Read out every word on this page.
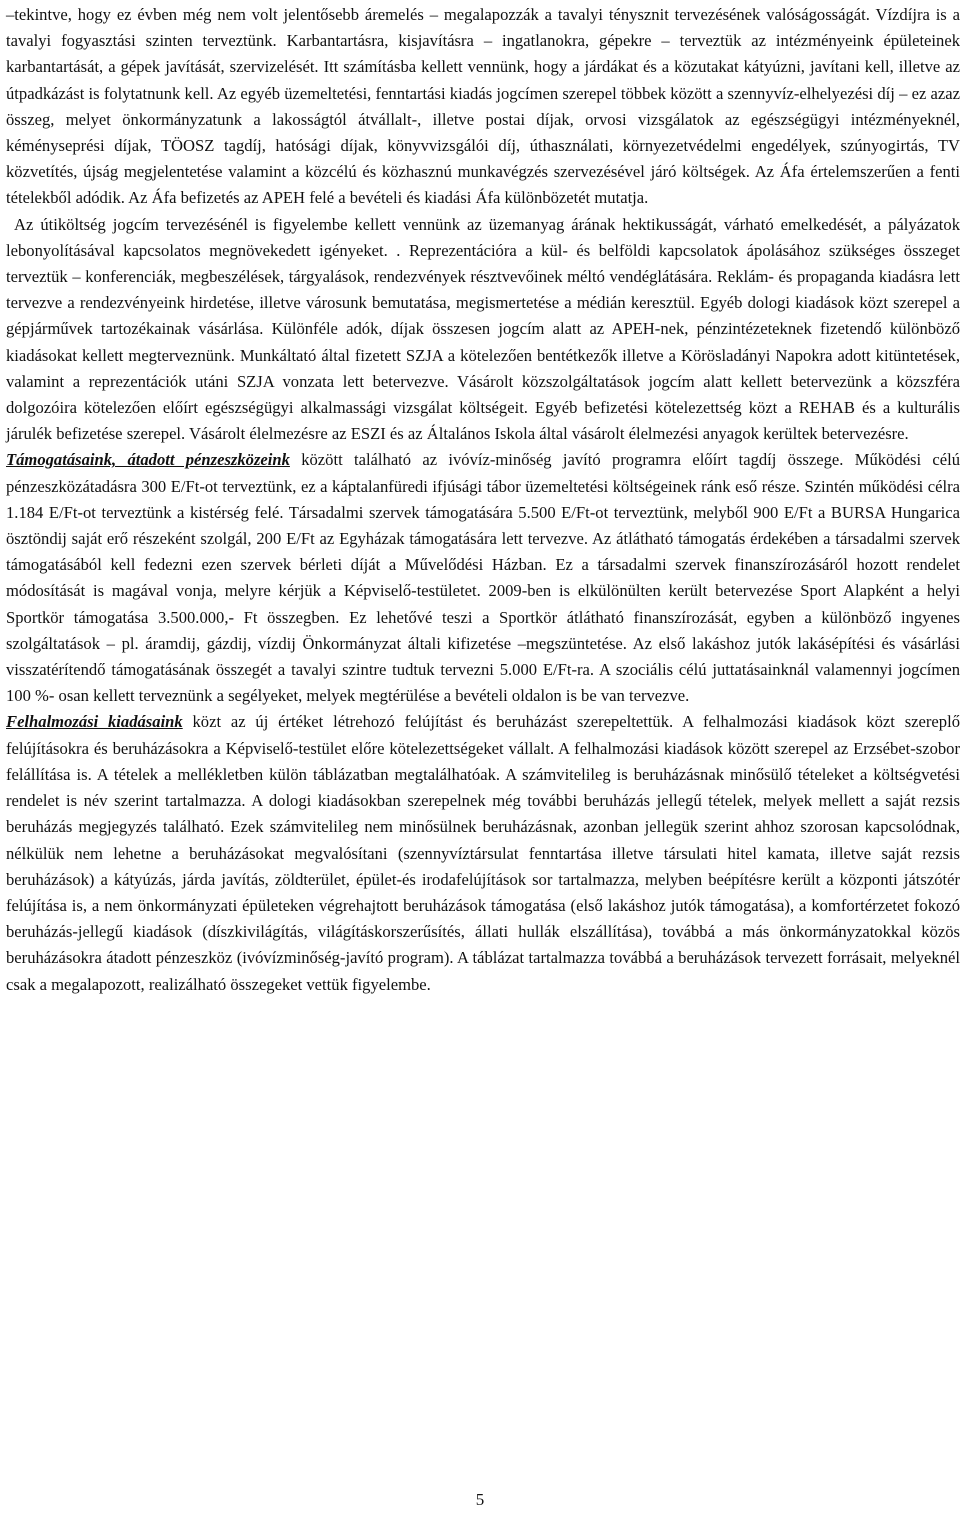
–tekintve, hogy ez évben még nem volt jelentősebb áremelés – megalapozzák a tavalyi ténysznit tervezésének valóságosságát. Vízdíjra is a tavalyi fogyasztási szinten terveztünk. Karbantartásra, kisjavításra – ingatlanokra, gépekre – terveztük az intézményeink épületeinek karbantartását, a gépek javítását, szervizelését. Itt számításba kellett vennünk, hogy a járdákat és a közutakat kátyúzni, javítani kell, illetve az útpadkázást is folytatnunk kell. Az egyéb üzemeltetési, fenntartási kiadás jogcímen szerepel többek között a szennyvíz-elhelyezési díj – ez azaz összeg, melyet önkormányzatunk a lakosságtól átvállalt-, illetve postai díjak, orvosi vizsgálatok az egészségügyi intézményeknél, kéményseprési díjak, TÖOSZ tagdíj, hatósági díjak, könyvvizsgálói díj, úthasználati, környezetvédelmi engedélyek, szúnyogirtás, TV közvetítés, újság megjelentetése valamint a közcélú és közhasznú munkavégzés szervezésével járó költségek. Az Áfa értelemszerűen a fenti tételekből adódik. Az Áfa befizetés az APEH felé a bevételi és kiadási Áfa különbözetét mutatja.

Az útiköltség jogcím tervezésénél is figyelembe kellett vennünk az üzemanyag árának hektikusságát, várható emelkedését, a pályázatok lebonyolításával kapcsolatos megnövekedett igényeket. . Reprezentációra a kül- és belföldi kapcsolatok ápolásához szükséges összeget terveztük – konferenciák, megbeszélések, tárgyalások, rendezvények résztvevőinek méltó vendéglátására. Reklám- és propaganda kiadásra lett tervezve a rendezvényeink hirdetése, illetve városunk bemutatása, megismertetése a médián keresztül. Egyéb dologi kiadások közt szerepel a gépjárművek tartozékainak vásárlása. Különféle adók, díjak összesen jogcím alatt az APEH-nek, pénzintézeteknek fizetendő különböző kiadásokat kellett megterveznünk. Munkáltató által fizetett SZJA a kötelezően bentétkezők illetve a Körösladányi Napokra adott kitüntetések, valamint a reprezentációk utáni SZJA vonzata lett betervezve. Vásárolt közszolgáltatások jogcím alatt kellett betervezünk a közszféra dolgozóira kötelezően előírt egészségügyi alkalmassági vizsgálat költségeit. Egyéb befizetési kötelezettség közt a REHAB és a kulturális járulék befizetése szerepel. Vásárolt élelmezésre az ESZI és az Általános Iskola által vásárolt élelmezési anyagok kerültek betervezésre.

Támogatásaink, átadott pénzeszközeink között található az ivóvíz-minőség javító programra előírt tagdíj összege. Működési célú pénzeszközátadásra 300 E/Ft-ot terveztünk, ez a káptalanfüredi ifjúsági tábor üzemeltetési költségeinek ránk eső része. Szintén működési célra 1.184 E/Ft-ot terveztünk a kistérség felé. Társadalmi szervek támogatására 5.500 E/Ft-ot terveztünk, melyből 900 E/Ft a BURSA Hungarica ösztöndij saját erő részeként szolgál, 200 E/Ft az Egyházak támogatására lett tervezve. Az átlátható támogatás érdekében a társadalmi szervek támogatásából kell fedezni ezen szervek bérleti díját a Művelődési Házban. Ez a társadalmi szervek finanszírozásáról hozott rendelet módosítását is magával vonja, melyre kérjük a Képviselő-testületet. 2009-ben is elkülönülten került betervezése Sport Alapként a helyi Sportkör támogatása 3.500.000,- Ft összegben. Ez lehetővé teszi a Sportkör átlátható finanszírozását, egyben a különböző ingyenes szolgáltatások – pl. áramdij, gázdij, vízdij Önkormányzat általi kifizetése –megszüntetése. Az első lakáshoz jutók lakásépítési és vásárlási visszatérítendő támogatásának összegét a tavalyi szintre tudtuk tervezni 5.000 E/Ft-ra. A szociális célú juttatásainknál valamennyi jogcímen 100 %- osan kellett terveznünk a segélyeket, melyek megtérülése a bevételi oldalon is be van tervezve.

Felhalmozási kiadásaink közt az új értéket létrehozó felújítást és beruházást szerepeltettük. A felhalmozási kiadások közt szereplő felújításokra és beruházásokra a Képviselő-testület előre kötelezettségeket vállalt. A felhalmozási kiadások között szerepel az Erzsébet-szobor felállítása is. A tételek a mellékletben külön táblázatban megtalálhatóak. A számvitelileg is beruházásnak minősülő tételeket a költségvetési rendelet is név szerint tartalmazza. A dologi kiadásokban szerepelnek még további beruházás jellegű tételek, melyek mellett a saját rezsis beruházás megjegyzés található. Ezek számvitelileg nem minősülnek beruházásnak, azonban jellegük szerint ahhoz szorosan kapcsolódnak, nélkülük nem lehetne a beruházásokat megvalósítani (szennyvíztársulat fenntartása illetve társulati hitel kamata, illetve saját rezsis beruházások) a kátyúzás, járda javítás, zöldterület, épület-és irodafelújítások sor tartalmazza, melyben beépítésre került a központi játszótér felújítása is, a nem önkormányzati épületeken végrehajtott beruházások támogatása (első lakáshoz jutók támogatása), a komfortérzetet fokozó beruházás-jellegű kiadások (díszkivilágítás, világításkorszerűsítés, állati hullák elszállítása), továbbá a más önkormányzatokkal közös beruházásokra átadott pénzeszköz (ivóvízminőség-javító program). A táblázat tartalmazza továbbá a beruházások tervezett forrásait, melyeknél csak a megalapozott, realizálható összegeket vettük figyelembe.

5
